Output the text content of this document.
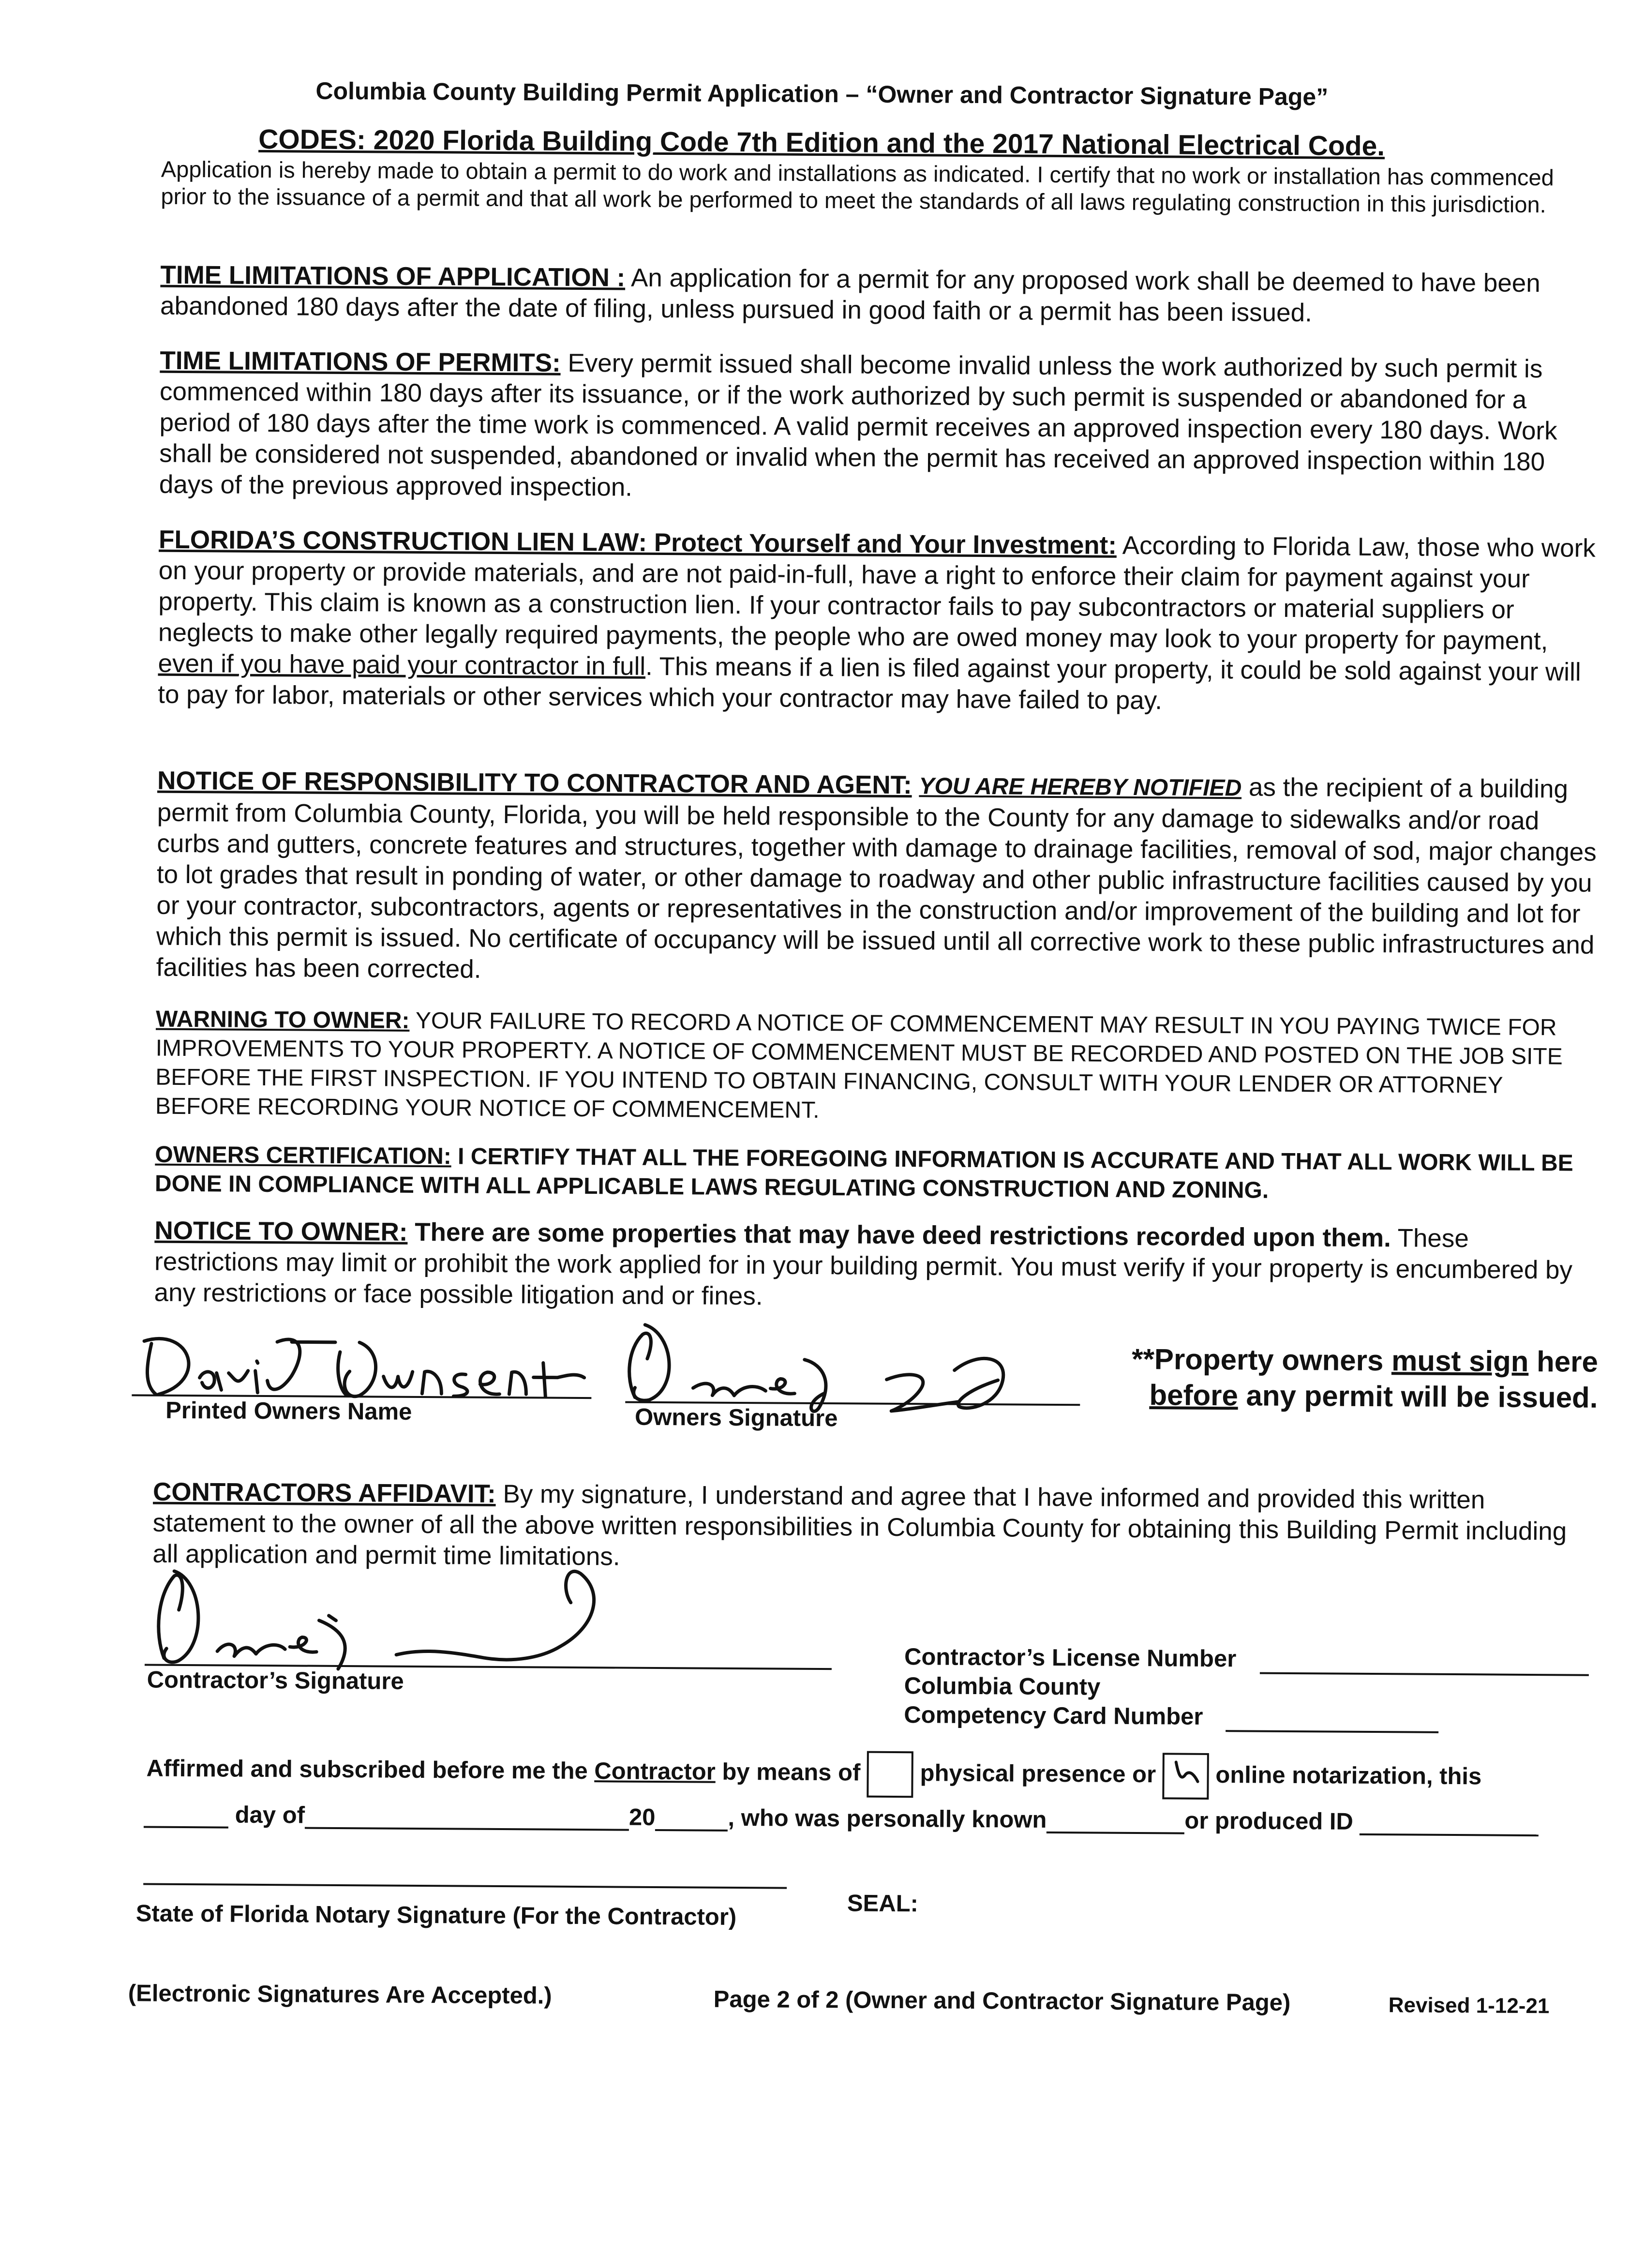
Columbia County Building Permit Application – “Owner and Contractor Signature Page”
CODES: 2020 Florida Building Code 7th Edition and the 2017 National Electrical Code.
Application is hereby made to obtain a permit to do work and installations as indicated. I certify that no work or installation has commenced prior to the issuance of a permit and that all work be performed to meet the standards of all laws regulating construction in this jurisdiction.
TIME LIMITATIONS OF APPLICATION : An application for a permit for any proposed work shall be deemed to have been abandoned 180 days after the date of filing, unless pursued in good faith or a permit has been issued.
TIME LIMITATIONS OF PERMITS: Every permit issued shall become invalid unless the work authorized by such permit is commenced within 180 days after its issuance, or if the work authorized by such permit is suspended or abandoned for a period of 180 days after the time work is commenced. A valid permit receives an approved inspection every 180 days. Work shall be considered not suspended, abandoned or invalid when the permit has received an approved inspection within 180 days of the previous approved inspection.
FLORIDA’S CONSTRUCTION LIEN LAW: Protect Yourself and Your Investment: According to Florida Law, those who work on your property or provide materials, and are not paid-in-full, have a right to enforce their claim for payment against your property. This claim is known as a construction lien. If your contractor fails to pay subcontractors or material suppliers or neglects to make other legally required payments, the people who are owed money may look to your property for payment, even if you have paid your contractor in full. This means if a lien is filed against your property, it could be sold against your will to pay for labor, materials or other services which your contractor may have failed to pay.
NOTICE OF RESPONSIBILITY TO CONTRACTOR AND AGENT: YOU ARE HEREBY NOTIFIED as the recipient of a building permit from Columbia County, Florida, you will be held responsible to the County for any damage to sidewalks and/or road curbs and gutters, concrete features and structures, together with damage to drainage facilities, removal of sod, major changes to lot grades that result in ponding of water, or other damage to roadway and other public infrastructure facilities caused by you or your contractor, subcontractors, agents or representatives in the construction and/or improvement of the building and lot for which this permit is issued. No certificate of occupancy will be issued until all corrective work to these public infrastructures and facilities has been corrected.
WARNING TO OWNER: YOUR FAILURE TO RECORD A NOTICE OF COMMENCEMENT MAY RESULT IN YOU PAYING TWICE FOR IMPROVEMENTS TO YOUR PROPERTY. A NOTICE OF COMMENCEMENT MUST BE RECORDED AND POSTED ON THE JOB SITE BEFORE THE FIRST INSPECTION. IF YOU INTEND TO OBTAIN FINANCING, CONSULT WITH YOUR LENDER OR ATTORNEY BEFORE RECORDING YOUR NOTICE OF COMMENCEMENT.
OWNERS CERTIFICATION: I CERTIFY THAT ALL THE FOREGOING INFORMATION IS ACCURATE AND THAT ALL WORK WILL BE DONE IN COMPLIANCE WITH ALL APPLICABLE LAWS REGULATING CONSTRUCTION AND ZONING.
NOTICE TO OWNER: There are some properties that may have deed restrictions recorded upon them. These restrictions may limit or prohibit the work applied for in your building permit. You must verify if your property is encumbered by any restrictions or face possible litigation and or fines.
Printed Owners Name	Owners Signature
**Property owners must sign here
before any permit will be issued.
CONTRACTORS AFFIDAVIT: By my signature, I understand and agree that I have informed and provided this written statement to the owner of all the above written responsibilities in Columbia County for obtaining this Building Permit including all application and permit time limitations.
Contractor’s Signature
Contractor’s License Number
Columbia County
Competency Card Number
Affirmed and subscribed before me the Contractor by means of	physical presence or	online notarization, this
day of	20	, who was personally known	or produced ID
State of Florida Notary Signature (For the Contractor)	SEAL:
(Electronic Signatures Are Accepted.)	Page 2 of 2 (Owner and Contractor Signature Page)	Revised 1-12-21
